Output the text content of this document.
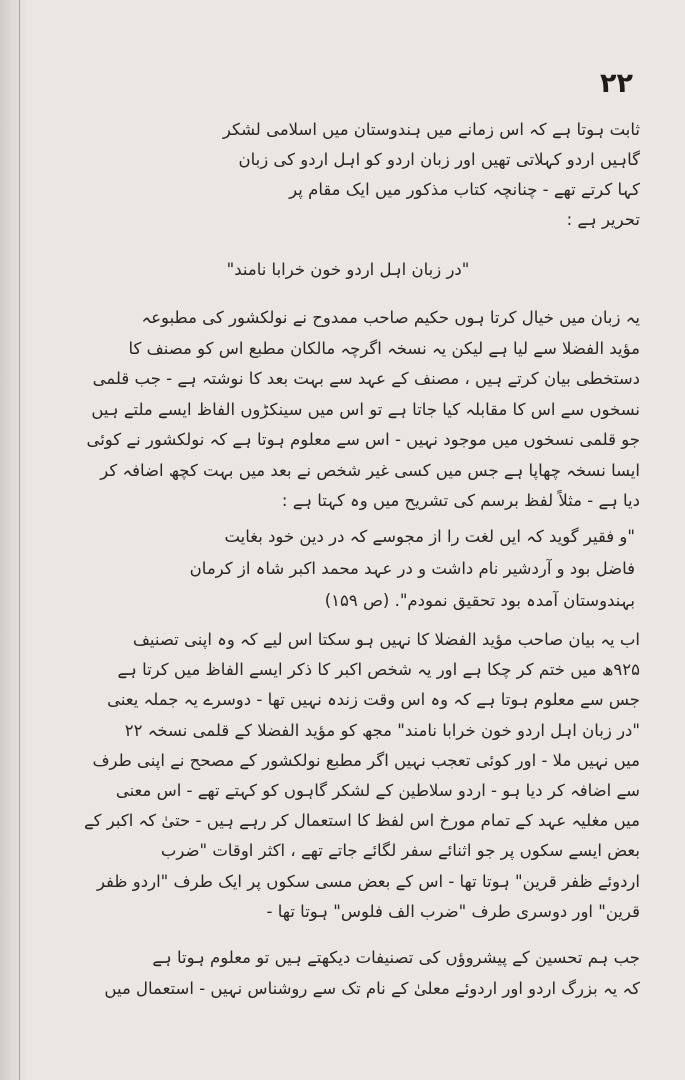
۲۲
ثابت ہوتا ہے کہ اس زمانے میں ہندوستان میں اسلامی لشکر
گاہیں اردو کہلاتی تھیں اور زبان اردو کو اہل اردو کی زبان
کہا کرتے تھے - چنانچہ کتاب مذکور میں ایک مقام پر
تحریر ہے :
"در زبان اہل اردو خون خرابا نامند"
یہ زبان میں خیال کرتا ہوں حکیم صاحب ممدوح نے نولکشور کی مطبوعہ
مؤید الفضلا سے لیا ہے لیکن یہ نسخہ اگرچہ مالکان مطبع اس کو مصنف کا
دستخطی بیان کرتے ہیں ، مصنف کے عہد سے بہت بعد کا نوشتہ ہے - جب قلمی
نسخوں سے اس کا مقابلہ کیا جاتا ہے تو اس میں سینکڑوں الفاظ ایسے ملتے ہیں
جو قلمی نسخوں میں موجود نہیں - اس سے معلوم ہوتا ہے کہ نولکشور نے کوئی
ایسا نسخہ چھاپا ہے جس میں کسی غیر شخص نے بعد میں بہت کچھ اضافہ کر
دیا ہے - مثلاً لفظ برسم کی تشریح میں وہ کہتا ہے :
"و فقیر گوید کہ ایں لغت را از مجوسے کہ در دین خود بغایت
فاضل بود و آردشیر نام داشت و در عہد محمد اکبر شاہ از کرمان
بہندوستان آمدہ بود تحقیق نمودم". (ص ۱۵۹)
اب یہ بیان صاحب مؤید الفضلا کا نہیں ہو سکتا اس لیے کہ وہ اپنی تصنیف
۹۲۵ھ میں ختم کر چکا ہے اور یہ شخص اکبر کا ذکر ایسے الفاظ میں کرتا ہے
جس سے معلوم ہوتا ہے کہ وہ اس وقت زندہ نہیں تھا - دوسرے یہ جملہ یعنی
"در زبان اہل اردو خون خرابا نامند" مجھ کو مؤید الفضلا کے قلمی نسخہ ۲۲
میں نہیں ملا - اور کوئی تعجب نہیں اگر مطبع نولکشور کے مصحح نے اپنی طرف
سے اضافہ کر دیا ہو - اردو سلاطین کے لشکر گاہوں کو کہتے تھے - اس معنی
میں مغلیہ عہد کے تمام مورخ اس لفظ کا استعمال کر رہے ہیں - حتیٰ کہ اکبر کے
بعض ایسے سکوں پر جو اثنائے سفر لگائے جاتے تھے ، اکثر اوقات "ضرب
اردوئے ظفر قرین" ہوتا تھا - اس کے بعض مسی سکوں پر ایک طرف "اردو ظفر
قرین" اور دوسری طرف "ضرب الف فلوس" ہوتا تھا -
جب ہم تحسین کے پیشروؤں کی تصنیفات دیکھتے ہیں تو معلوم ہوتا ہے
کہ یہ بزرگ اردو اور اردوئے معلیٰ کے نام تک سے روشناس نہیں - استعمال میں
